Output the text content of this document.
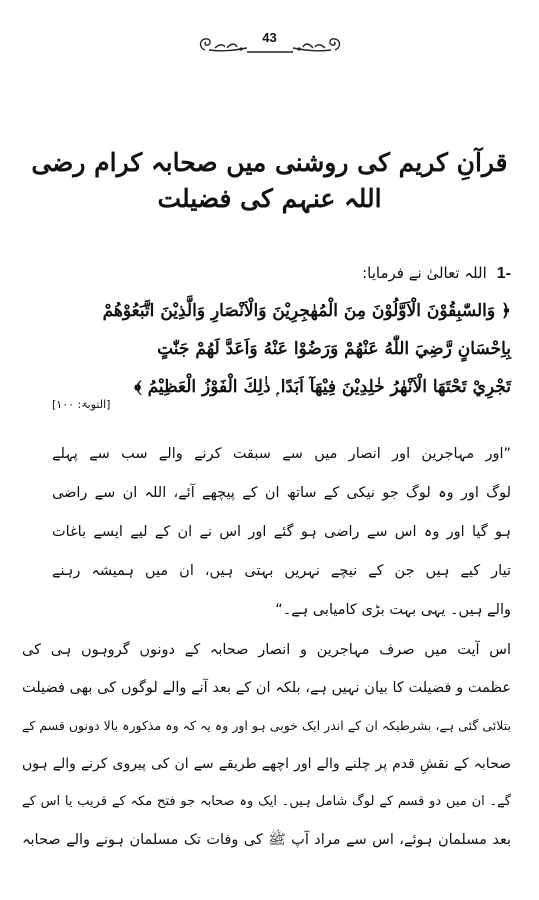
43
قرآنِ کریم کی روشنی میں صحابہ کرام رضی اللہ عنہم کی فضیلت
1-
اللہ تعالیٰ نے فرمایا:
﴿ وَالسّٰبِقُوْنَ الْاَوَّلُوْنَ مِنَ الْمُهٰجِرِيْنَ وَالْاَنْصَارِ وَالَّذِيْنَ اتَّبَعُوْهُمْ
بِاِحْسَانٍ رَّضِيَ اللّٰهُ عَنْهُمْ وَرَضُوْا عَنْهُ وَاَعَدَّ لَهُمْ جَنّٰتٍ
تَجْرِيْ تَحْتَهَا الْاَنْهٰرُ خٰلِدِيْنَ فِيْهَآ اَبَدًا ۭ ذٰلِكَ الْفَوْزُ الْعَظِيْمُ ﴾
[التوبۃ: ۱۰۰]
”اور مہاجرین اور انصار میں سے سبقت کرنے والے سب سے پہلے
لوگ اور وہ لوگ جو نیکی کے ساتھ ان کے پیچھے آئے، اللہ ان سے راضی
ہو گیا اور وہ اس سے راضی ہو گئے اور اس نے ان کے لیے ایسے باغات
تیار کیے ہیں جن کے نیچے نہریں بہتی ہیں، ان میں ہمیشہ رہنے
والے ہیں۔ یہی بہت بڑی کامیابی ہے۔“
اس آیت میں صرف مہاجرین و انصار صحابہ کے دونوں گروہوں ہی کی
عظمت و فضیلت کا بیان نہیں ہے، بلکہ ان کے بعد آنے والے لوگوں کی بھی فضیلت
بتلائی گئی ہے، بشرطیکہ ان کے اندر ایک خوبی ہو اور وہ یہ کہ وہ مذکورہ بالا دونوں قسم کے
صحابہ کے نقشِ قدم پر چلنے والے اور اچھے طریقے سے ان کی پیروی کرنے والے ہوں
گے۔ ان میں دو قسم کے لوگ شامل ہیں۔ ایک وہ صحابہ جو فتح مکہ کے قریب یا اس کے
بعد مسلمان ہوئے، اس سے مراد آپ ﷺ کی وفات تک مسلمان ہونے والے صحابہ
